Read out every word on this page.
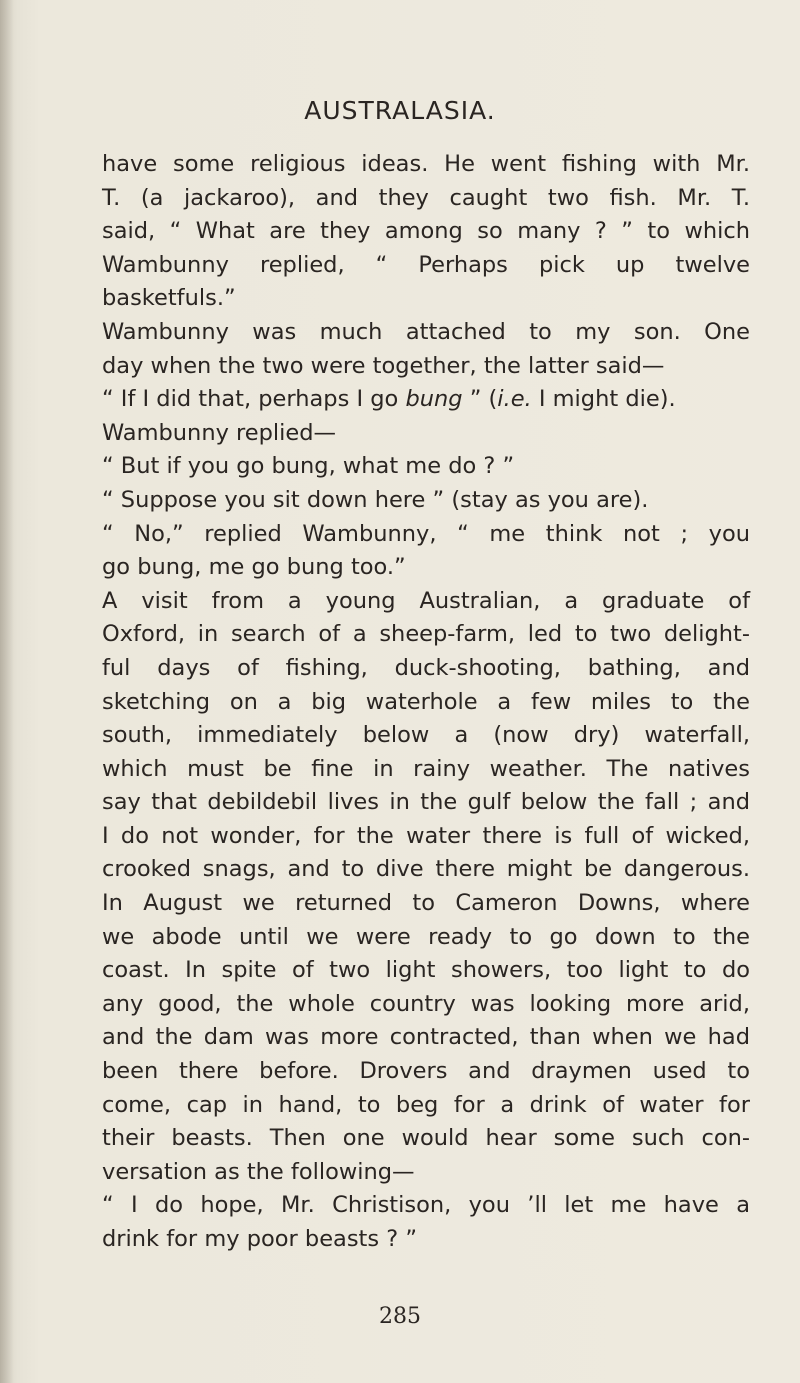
AUSTRALASIA.
have some religious ideas. He went fishing with Mr.
T. (a jackaroo), and they caught two fish. Mr. T.
said, “ What are they among so many ? ” to which
Wambunny replied, “ Perhaps pick up twelve
basketfuls.”
Wambunny was much attached to my son. One
day when the two were together, the latter said—
“ If I did that, perhaps I go bung ” (i.e. I might die).
Wambunny replied—
“ But if you go bung, what me do ? ”
“ Suppose you sit down here ” (stay as you are).
“ No,” replied Wambunny, “ me think not ; you
go bung, me go bung too.”
A visit from a young Australian, a graduate of
Oxford, in search of a sheep-farm, led to two delight-
ful days of fishing, duck-shooting, bathing, and
sketching on a big waterhole a few miles to the
south, immediately below a (now dry) waterfall,
which must be fine in rainy weather. The natives
say that debildebil lives in the gulf below the fall ; and
I do not wonder, for the water there is full of wicked,
crooked snags, and to dive there might be dangerous.
In August we returned to Cameron Downs, where
we abode until we were ready to go down to the
coast. In spite of two light showers, too light to do
any good, the whole country was looking more arid,
and the dam was more contracted, than when we had
been there before. Drovers and draymen used to
come, cap in hand, to beg for a drink of water for
their beasts. Then one would hear some such con-
versation as the following—
“ I do hope, Mr. Christison, you ’ll let me have a
drink for my poor beasts ? ”
285
